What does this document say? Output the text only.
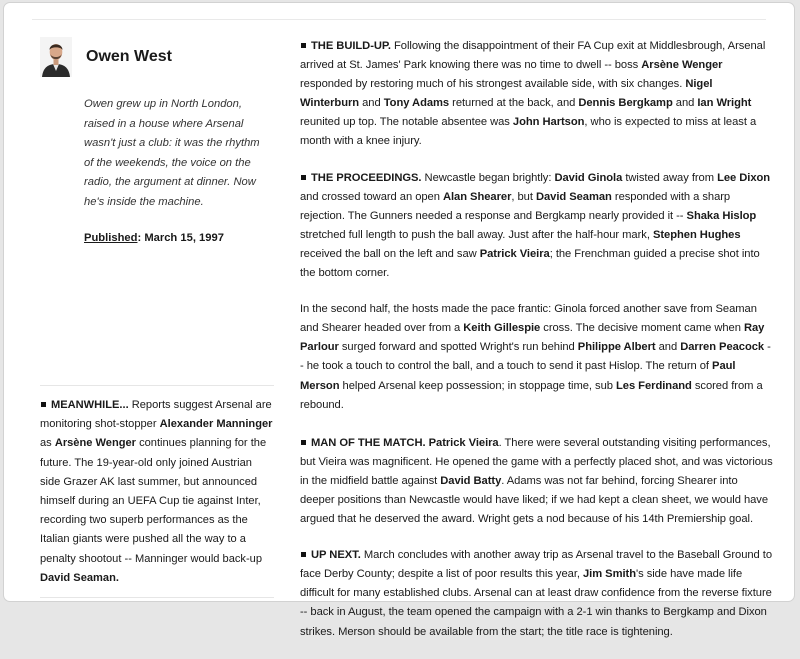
Owen West

Owen grew up in North London, raised in a house where Arsenal wasn't just a club: it was the rhythm of the weekends, the voice on the radio, the argument at dinner. Now he's inside the machine.

Published: March 15, 1997

MEANWHILE... Reports suggest Arsenal are monitoring shot-stopper Alexander Manninger as Arsène Wenger continues planning for the future. The 19-year-old only joined Austrian side Grazer AK last summer, but announced himself during an UEFA Cup tie against Inter, recording two superb performances as the Italian giants were pushed all the way to a penalty shootout -- Manninger would back-up David Seaman.

THE BUILD-UP. Following the disappointment of their FA Cup exit at Middlesbrough, Arsenal arrived at St. James' Park knowing there was no time to dwell -- boss Arsène Wenger responded by restoring much of his strongest available side, with six changes. Nigel Winterburn and Tony Adams returned at the back, and Dennis Bergkamp and Ian Wright reunited up top. The notable absentee was John Hartson, who is expected to miss at least a month with a knee injury.

THE PROCEEDINGS. Newcastle began brightly: David Ginola twisted away from Lee Dixon and crossed toward an open Alan Shearer, but David Seaman responded with a sharp rejection. The Gunners needed a response and Bergkamp nearly provided it -- Shaka Hislop stretched full length to push the ball away. Just after the half-hour mark, Stephen Hughes received the ball on the left and saw Patrick Vieira; the Frenchman guided a precise shot into the bottom corner.

In the second half, the hosts made the pace frantic: Ginola forced another save from Seaman and Shearer headed over from a Keith Gillespie cross. The decisive moment came when Ray Parlour surged forward and spotted Wright's run behind Philippe Albert and Darren Peacock -- he took a touch to control the ball, and a touch to send it past Hislop. The return of Paul Merson helped Arsenal keep possession; in stoppage time, sub Les Ferdinand scored from a rebound.

MAN OF THE MATCH. Patrick Vieira. There were several outstanding visiting performances, but Vieira was magnificent. He opened the game with a perfectly placed shot, and was victorious in the midfield battle against David Batty. Adams was not far behind, forcing Shearer into deeper positions than Newcastle would have liked; if we had kept a clean sheet, we would have argued that he deserved the award. Wright gets a nod because of his 14th Premiership goal.

UP NEXT. March concludes with another away trip as Arsenal travel to the Baseball Ground to face Derby County; despite a list of poor results this year, Jim Smith's side have made life difficult for many established clubs. Arsenal can at least draw confidence from the reverse fixture -- back in August, the team opened the campaign with a 2-1 win thanks to Bergkamp and Dixon strikes. Merson should be available from the start; the title race is tightening.
